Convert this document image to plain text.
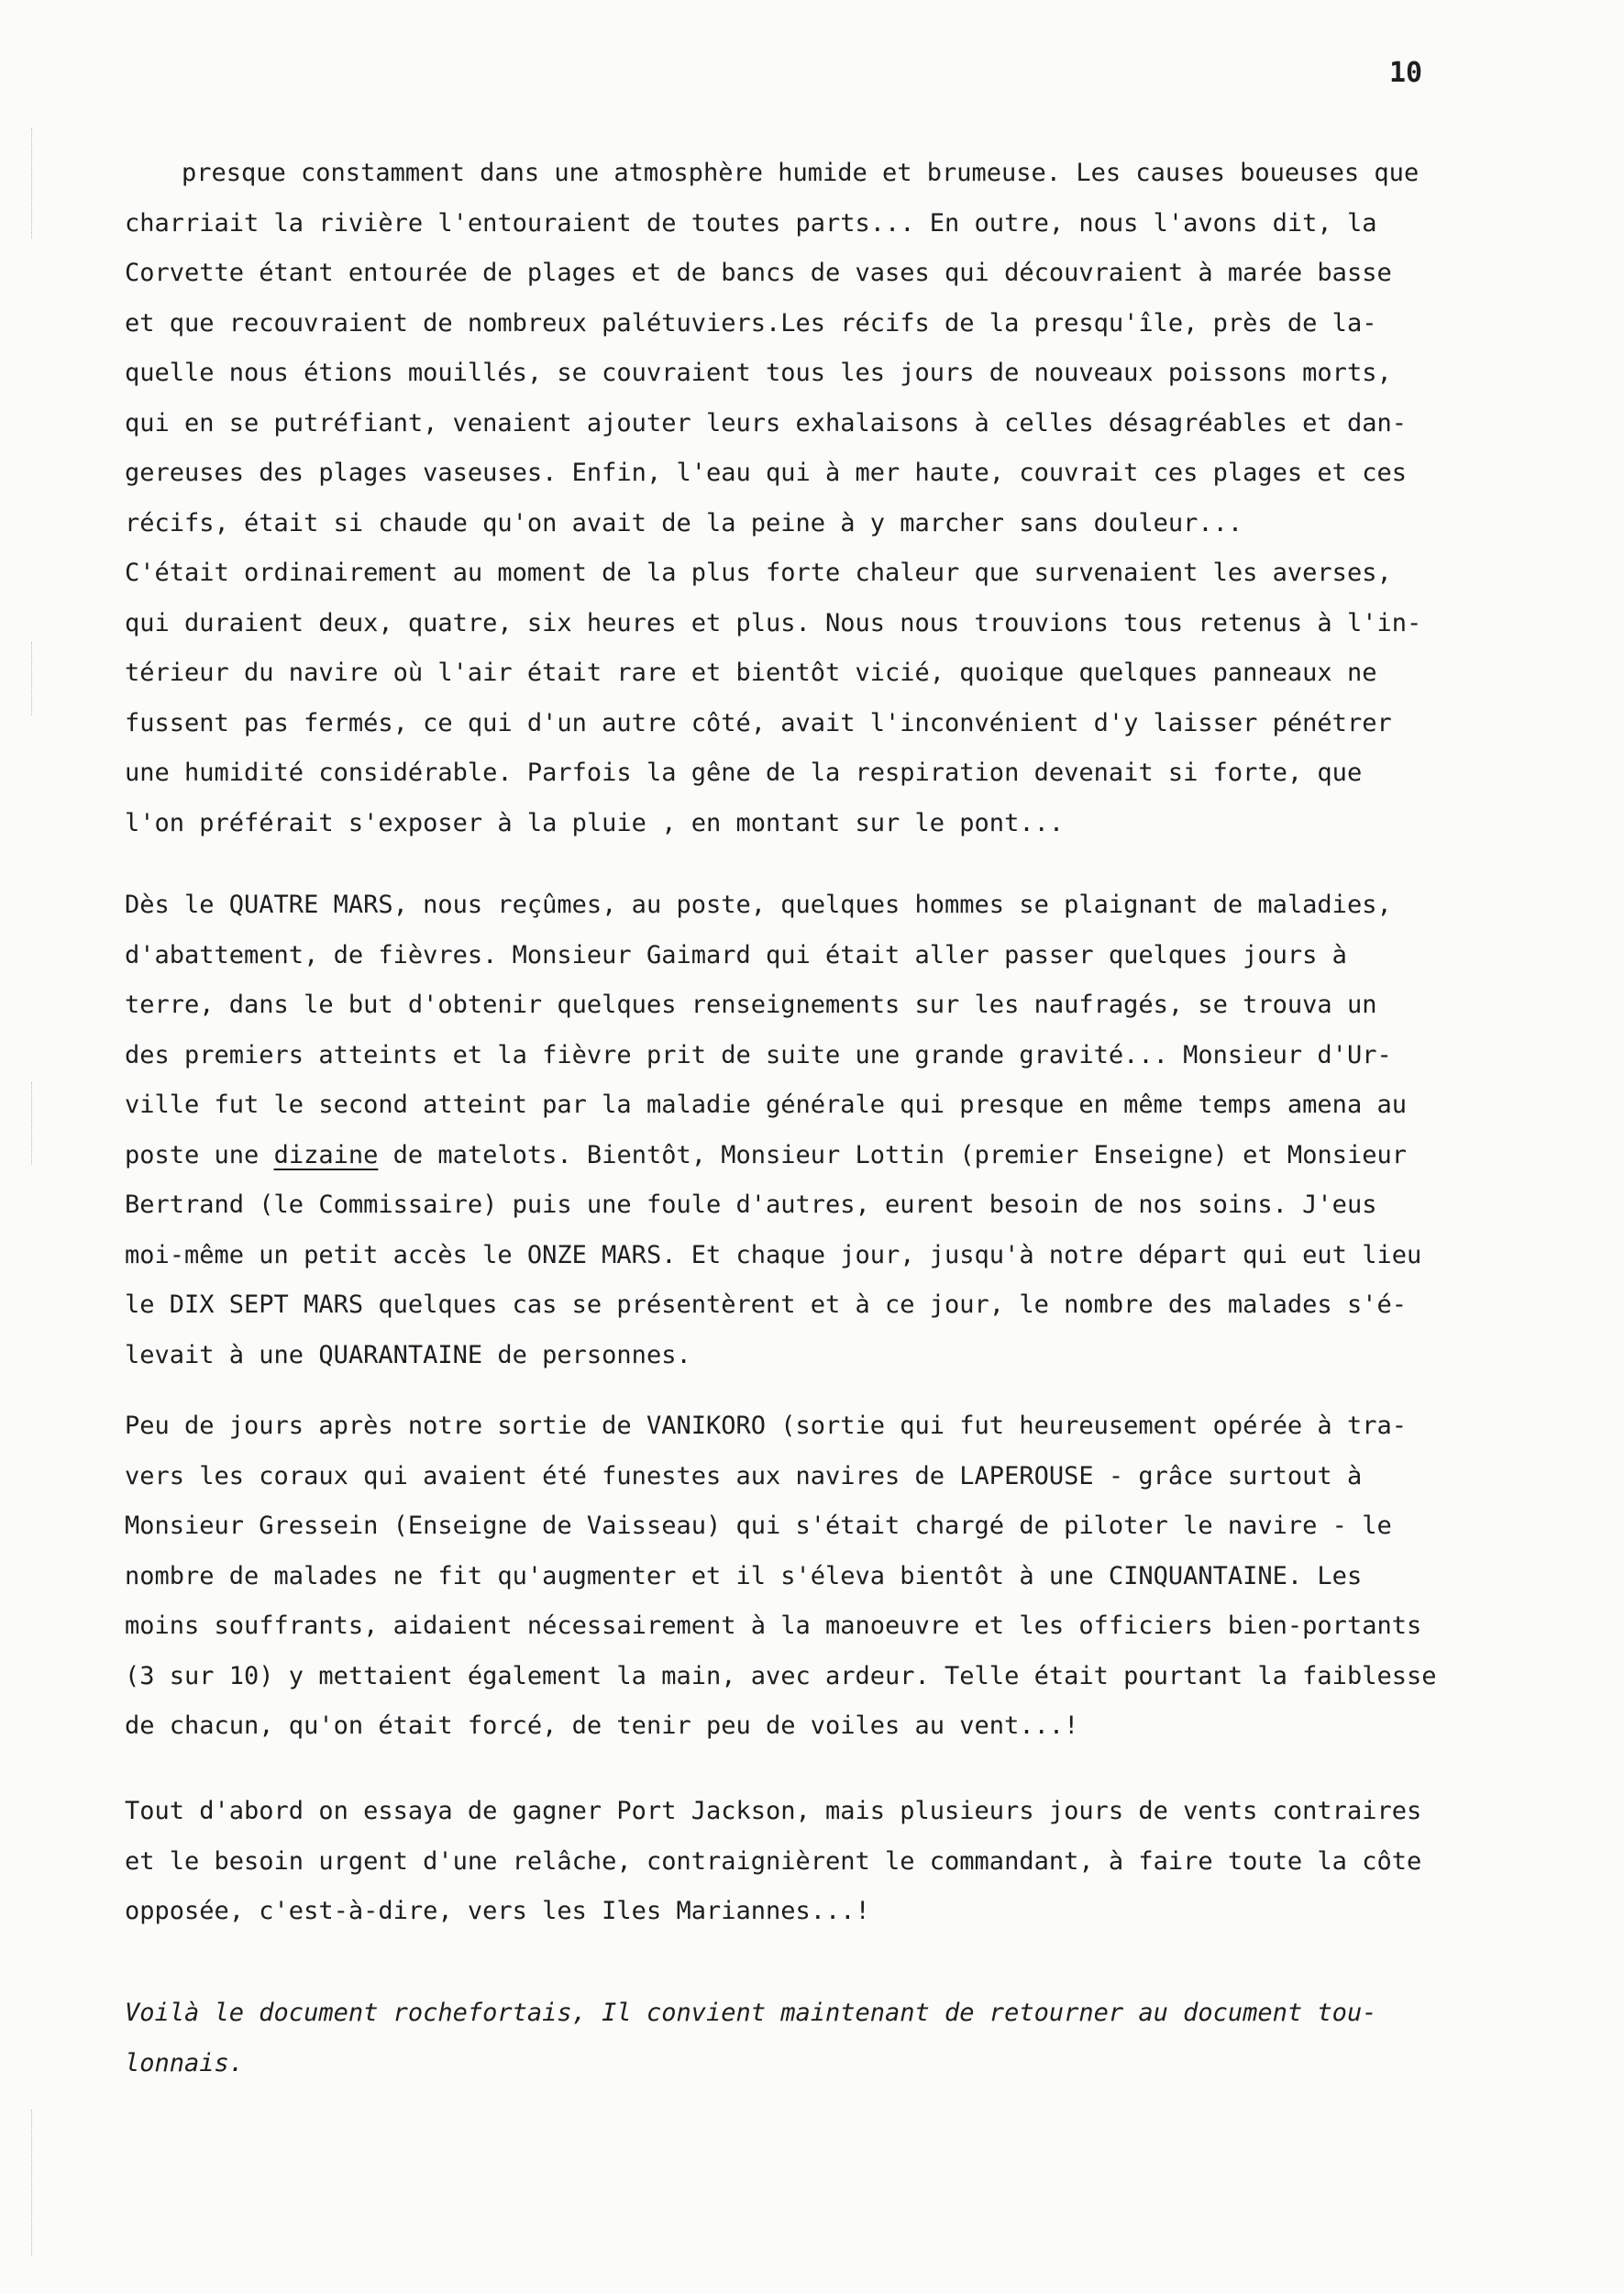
10
presque constamment dans une atmosphère humide et brumeuse. Les causes boueuses que
charriait la rivière l'entouraient de toutes parts... En outre, nous l'avons dit, la
Corvette étant entourée de plages et de bancs de vases qui découvraient à marée basse
et que recouvraient de nombreux palétuviers.Les récifs de la presqu'île, près de la-
quelle nous étions mouillés, se couvraient tous les jours de nouveaux poissons morts,
qui en se putréfiant, venaient ajouter leurs exhalaisons à celles désagréables et dan-
gereuses des plages vaseuses. Enfin, l'eau qui à mer haute, couvrait ces plages et ces
récifs, était si chaude qu'on avait de la peine à y marcher sans douleur...
C'était ordinairement au moment de la plus forte chaleur que survenaient les averses,
qui duraient deux, quatre, six heures et plus. Nous nous trouvions tous retenus à l'in-
térieur du navire où l'air était rare et bientôt vicié, quoique quelques panneaux ne
fussent pas fermés, ce qui d'un autre côté, avait l'inconvénient d'y laisser pénétrer
une humidité considérable. Parfois la gêne de la respiration devenait si forte, que
l'on préférait s'exposer à la pluie , en montant sur le pont...
Dès le QUATRE MARS, nous reçûmes, au poste, quelques hommes se plaignant de maladies,
d'abattement, de fièvres. Monsieur Gaimard qui était aller passer quelques jours à
terre, dans le but d'obtenir quelques renseignements sur les naufragés, se trouva un
des premiers atteints et la fièvre prit de suite une grande gravité... Monsieur d'Ur-
ville fut le second atteint par la maladie générale qui presque en même temps amena au
poste une dizaine de matelots. Bientôt, Monsieur Lottin (premier Enseigne) et Monsieur
Bertrand (le Commissaire) puis une foule d'autres, eurent besoin de nos soins. J'eus
moi-même un petit accès le ONZE MARS. Et chaque jour, jusqu'à notre départ qui eut lieu
le DIX SEPT MARS quelques cas se présentèrent et à ce jour, le nombre des malades s'é-
levait à une QUARANTAINE de personnes.
Peu de jours après notre sortie de VANIKORO (sortie qui fut heureusement opérée à tra-
vers les coraux qui avaient été funestes aux navires de LAPEROUSE - grâce surtout à
Monsieur Gressein (Enseigne de Vaisseau) qui s'était chargé de piloter le navire - le
nombre de malades ne fit qu'augmenter et il s'éleva bientôt à une CINQUANTAINE. Les
moins souffrants, aidaient nécessairement à la manoeuvre et les officiers bien-portants
(3 sur 10) y mettaient également la main, avec ardeur. Telle était pourtant la faiblesse
de chacun, qu'on était forcé, de tenir peu de voiles au vent...!
Tout d'abord on essaya de gagner Port Jackson, mais plusieurs jours de vents contraires
et le besoin urgent d'une relâche, contraignièrent le commandant, à faire toute la côte
opposée, c'est-à-dire, vers les Iles Mariannes...!
Voilà le document rochefortais, Il convient maintenant de retourner au document tou-
lonnais.
